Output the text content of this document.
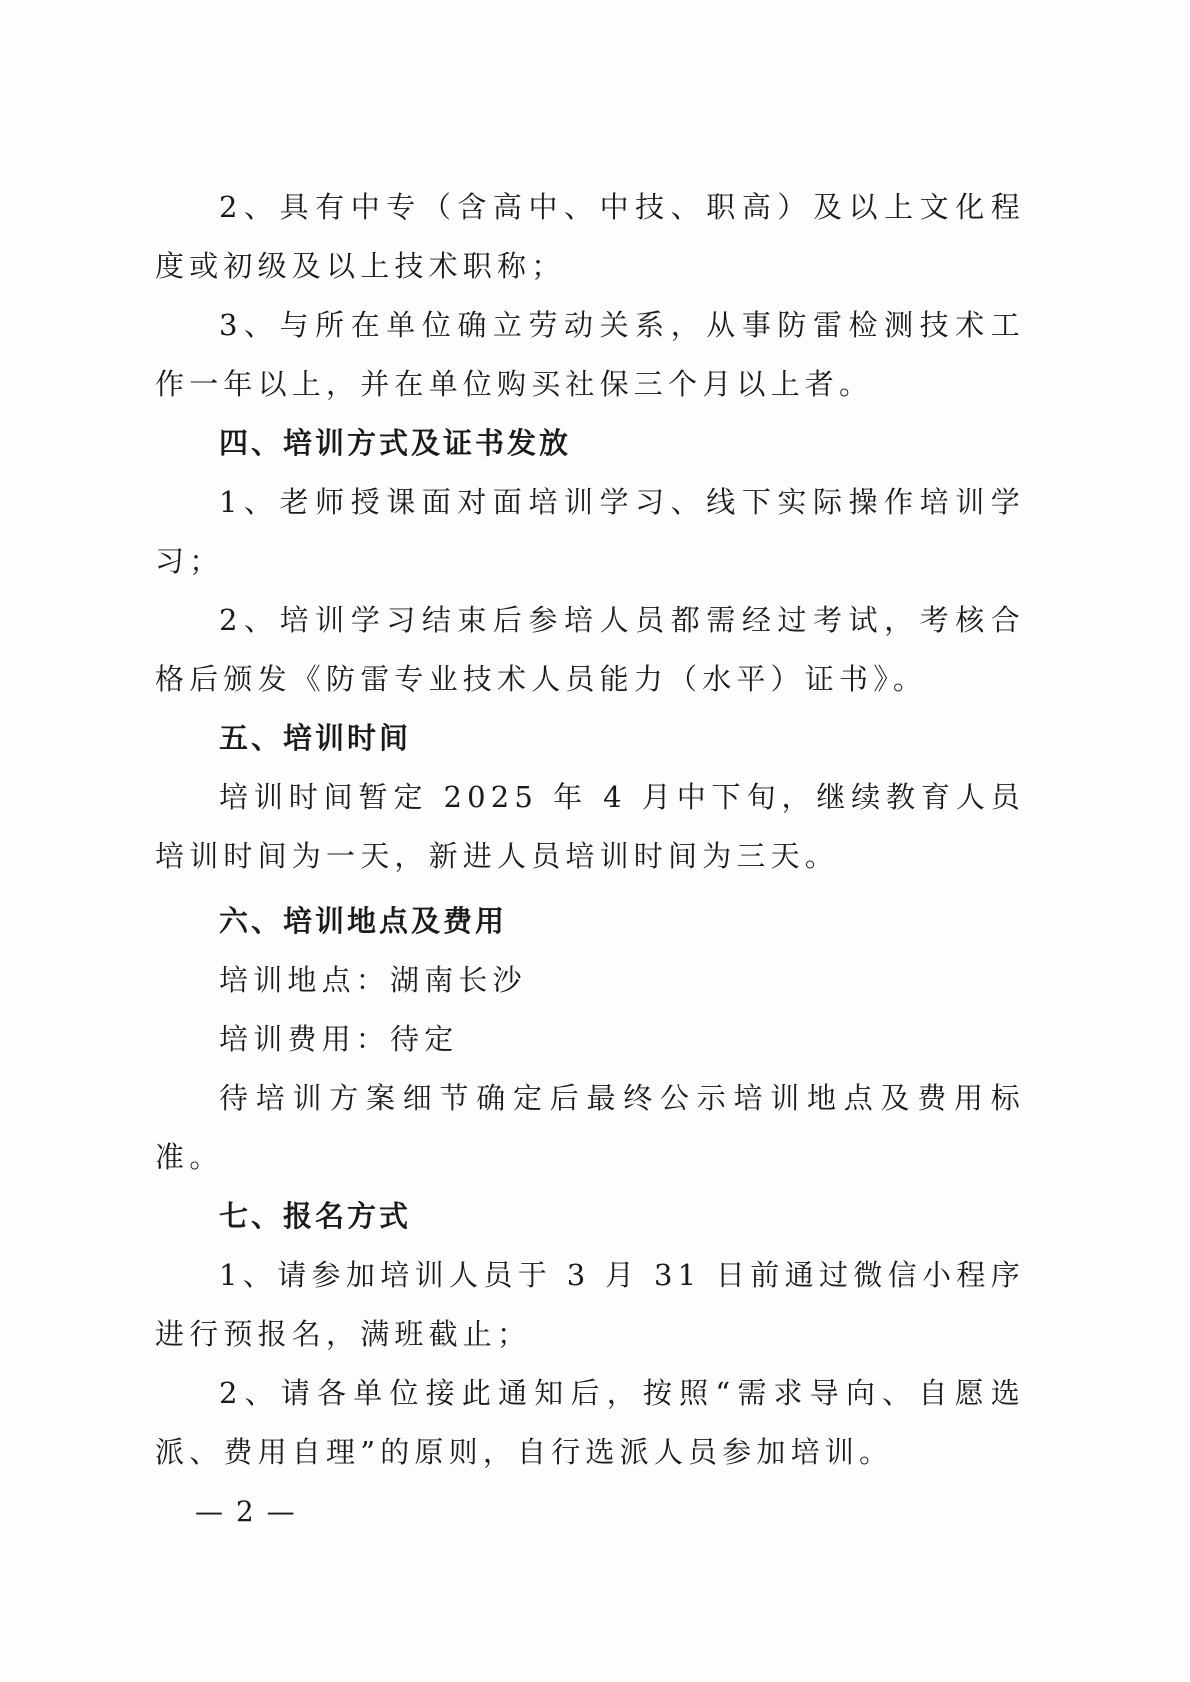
2、具有中专（含高中、中技、职高）及以上文化程度或初级及以上技术职称；

3、与所在单位确立劳动关系，从事防雷检测技术工作一年以上，并在单位购买社保三个月以上者。

四、培训方式及证书发放

1、老师授课面对面培训学习、线下实际操作培训学习；

2、培训学习结束后参培人员都需经过考试，考核合格后颁发《防雷专业技术人员能力（水平）证书》。

五、培训时间

培训时间暂定 2025 年 4 月中下旬，继续教育人员培训时间为一天，新进人员培训时间为三天。

六、培训地点及费用

培训地点：湖南长沙

培训费用：待定

待培训方案细节确定后最终公示培训地点及费用标准。

七、报名方式

1、请参加培训人员于 3 月 31 日前通过微信小程序进行预报名，满班截止；

2、请各单位接此通知后，按照“需求导向、自愿选派、费用自理”的原则，自行选派人员参加培训。

— 2 —
